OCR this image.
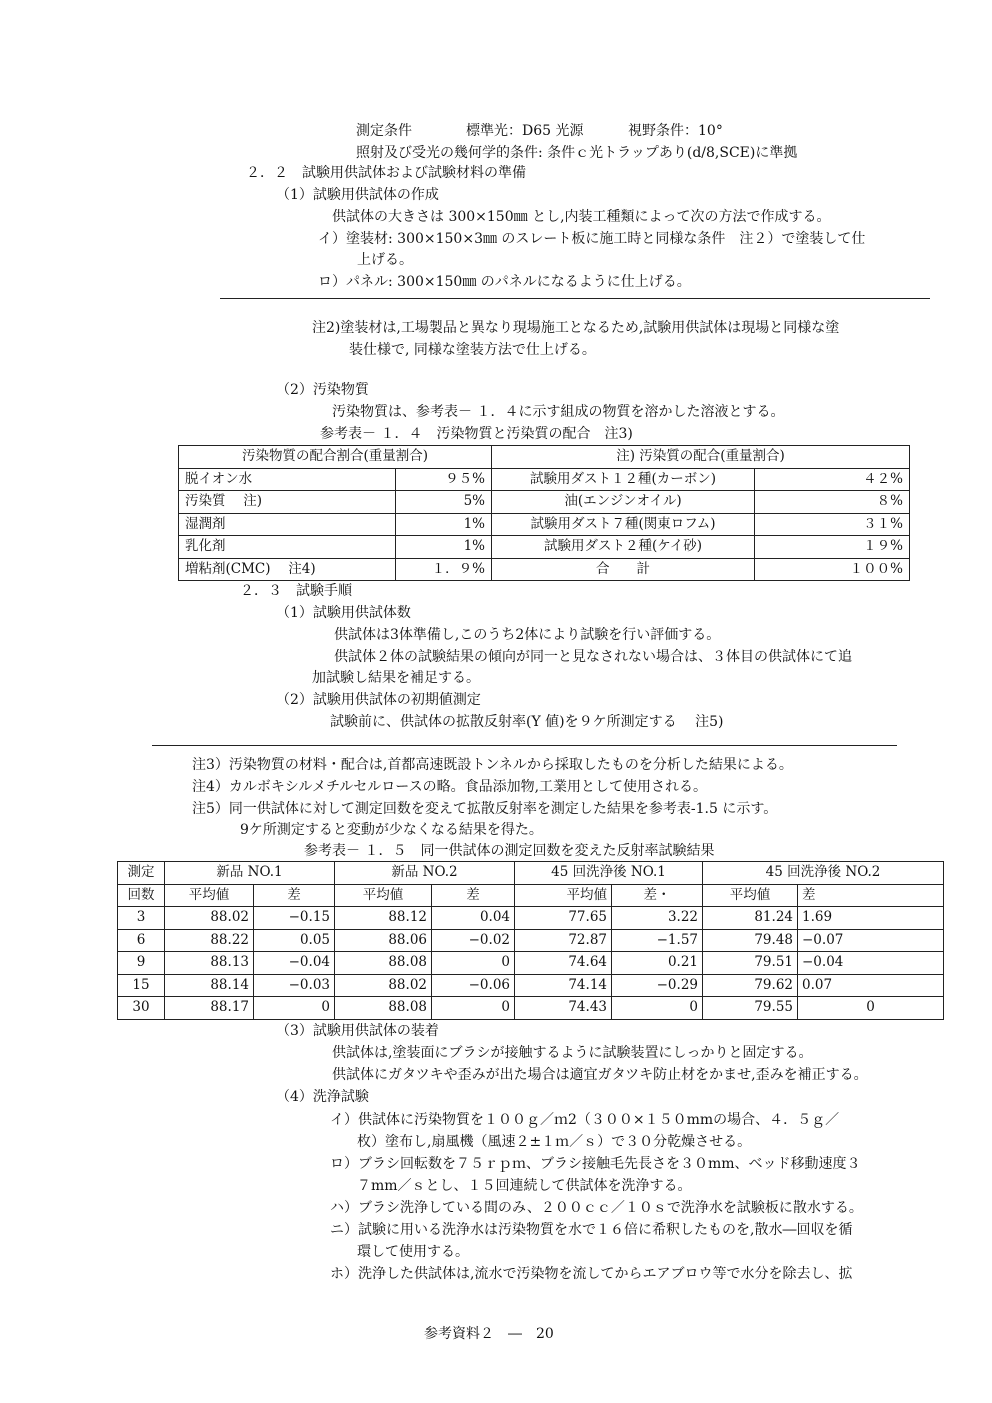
測定条件	標準光：D65 光源	視野条件：10°
照射及び受光の幾何学的条件: 条件ｃ光トラップあり(d/8,SCE)に準拠
２．２　試験用供試体および試験材料の準備
（1）試験用供試体の作成
供試体の大きさは 300×150㎜ とし,内装工種類によって次の方法で作成する。
イ）塗装材: 300×150×3㎜ のスレート板に施工時と同様な条件　注２）で塗装して仕
上げる。
ロ）パネル: 300×150㎜ のパネルになるように仕上げる。
注2)塗装材は,工場製品と異なり現場施工となるため,試験用供試体は現場と同様な塗
装仕様で, 同様な塗装方法で仕上げる。
（2）汚染物質
汚染物質は、参考表－ １．４に示す組成の物質を溶かした溶液とする。
参考表－ １．４　汚染物質と汚染質の配合　注3)
汚染物質の配合割合(重量割合)		注) 汚染質の配合(重量割合)	
脱イオン水	９５%	試験用ダスト１２種(カーボン)	４２%
汚染質　 注)	5%	油(エンジンオイル)	８%
湿潤剤	1%	試験用ダスト７種(関東ロフム)	３１%
乳化剤	1%	試験用ダスト２種(ケイ砂)	１９%
増粘剤(CMC)　 注4)	１．９%	合　　計	１００%
２．３　試験手順
（1）試験用供試体数
供試体は3体準備し,このうち2体により試験を行い評価する。
供試体２体の試験結果の傾向が同一と見なされない場合は、３体目の供試体にて追
加試験し結果を補足する。
（2）試験用供試体の初期値測定
試験前に、供試体の拡散反射率(Y 値)を９ケ所測定する　 注5)
注3）汚染物質の材料・配合は,首都高速既設トンネルから採取したものを分析した結果による。
注4）カルボキシルメチルセルロースの略。食品添加物,工業用として使用される。
注5）同一供試体に対して測定回数を変えて拡散反射率を測定した結果を参考表-1.5 に示す。
9ケ所測定すると変動が少なくなる結果を得た。
参考表－ １．５　同一供試体の測定回数を変えた反射率試験結果
測定	新品 NO.1		新品 NO.2		45 回洗浄後 NO.1		45 回洗浄後 NO.2	
回数	平均値	差	平均値	差	平均値	差・	平均値	差
3	88.02	−0.15	88.12	0.04	77.65	3.22	81.24	1.69
6	88.22	0.05	88.06	−0.02	72.87	−1.57	79.48	−0.07
9	88.13	−0.04	88.08	0	74.64	0.21	79.51	−0.04
15	88.14	−0.03	88.02	−0.06	74.14	−0.29	79.62	0.07
30	88.17	0	88.08	0	74.43	0	79.55	0
（3）試験用供試体の装着
供試体は,塗装面にブラシが接触するように試験装置にしっかりと固定する。
供試体にガタツキや歪みが出た場合は適宜ガタツキ防止材をかませ,歪みを補正する。
（4）洗浄試験
イ）供試体に汚染物質を１００ｇ／ｍ2（３００×１５０mmの場合、４．５ｇ／
枚）塗布し,扇風機（風速２±１ｍ／ｓ）で３０分乾燥させる。
ロ）ブラシ回転数を７５ｒｐｍ、ブラシ接触毛先長さを３０mm、ベッド移動速度３
７mm／ｓとし、１５回連続して供試体を洗浄する。
ハ）ブラシ洗浄している間のみ、２００ｃｃ／１０ｓで洗浄水を試験板に散水する。
ニ）試験に用いる洗浄水は汚染物質を水で１６倍に希釈したものを,散水―回収を循
環して使用する。
ホ）洗浄した供試体は,流水で汚染物を流してからエアブロウ等で水分を除去し、拡
参考資料２　―　20
